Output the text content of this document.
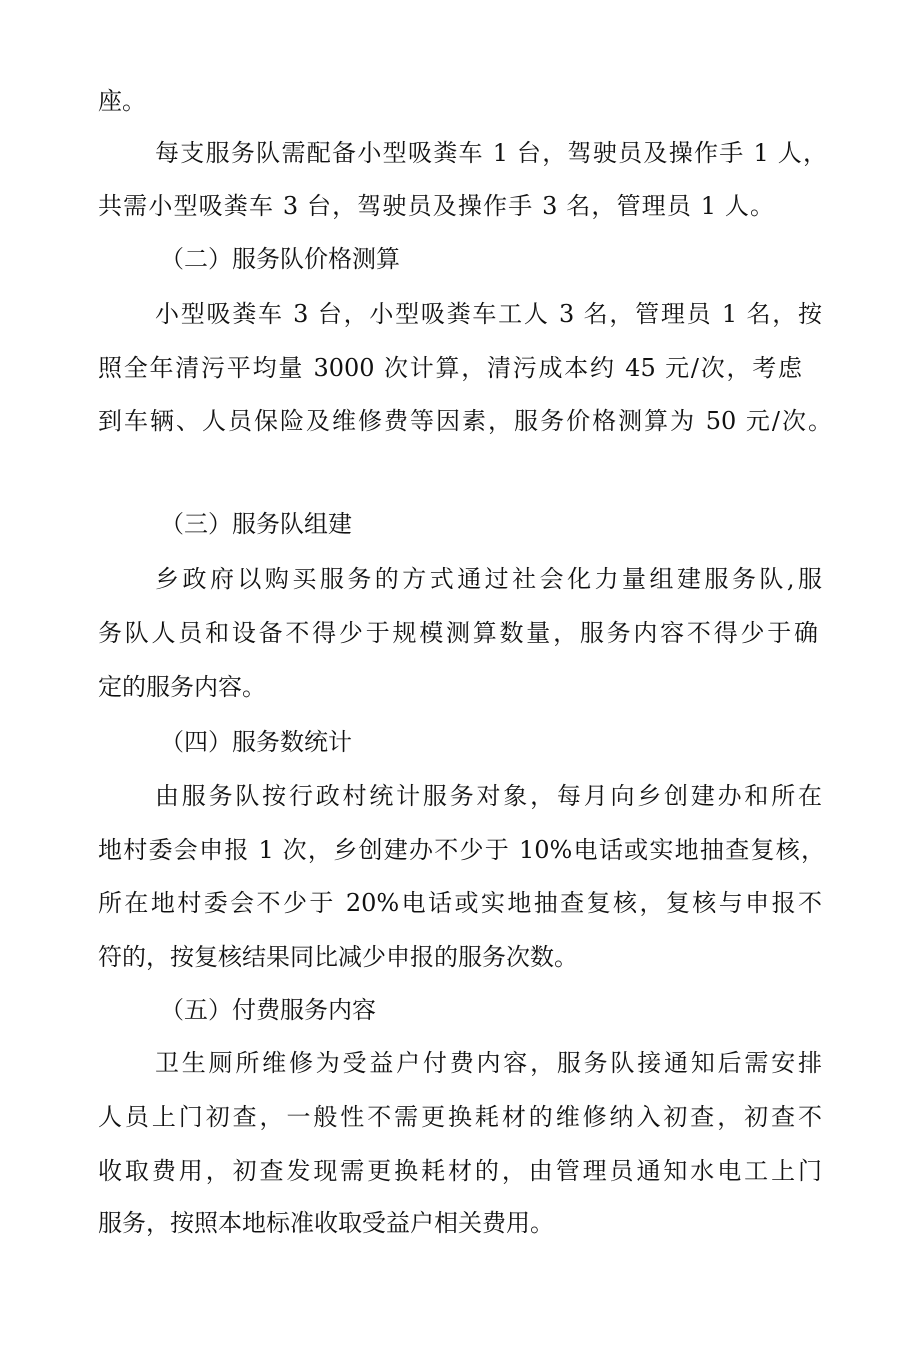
座。
每支服务队需配备小型吸粪车 1 台，驾驶员及操作手 1 人，
共需小型吸粪车 3 台，驾驶员及操作手 3 名，管理员 1 人。
（二）服务队价格测算
小型吸粪车 3 台，小型吸粪车工人 3 名，管理员 1 名，按
照全年清污平均量 3000 次计算，清污成本约 45 元/次，考虑
到车辆、人员保险及维修费等因素，服务价格测算为 50 元/次。
（三）服务队组建
乡政府以购买服务的方式通过社会化力量组建服务队,服
务队人员和设备不得少于规模测算数量，服务内容不得少于确
定的服务内容。
（四）服务数统计
由服务队按行政村统计服务对象，每月向乡创建办和所在
地村委会申报 1 次，乡创建办不少于 10%电话或实地抽查复核，
所在地村委会不少于 20%电话或实地抽查复核，复核与申报不
符的，按复核结果同比减少申报的服务次数。
（五）付费服务内容
卫生厕所维修为受益户付费内容，服务队接通知后需安排
人员上门初查，一般性不需更换耗材的维修纳入初查，初查不
收取费用，初查发现需更换耗材的，由管理员通知水电工上门
服务，按照本地标准收取受益户相关费用。
